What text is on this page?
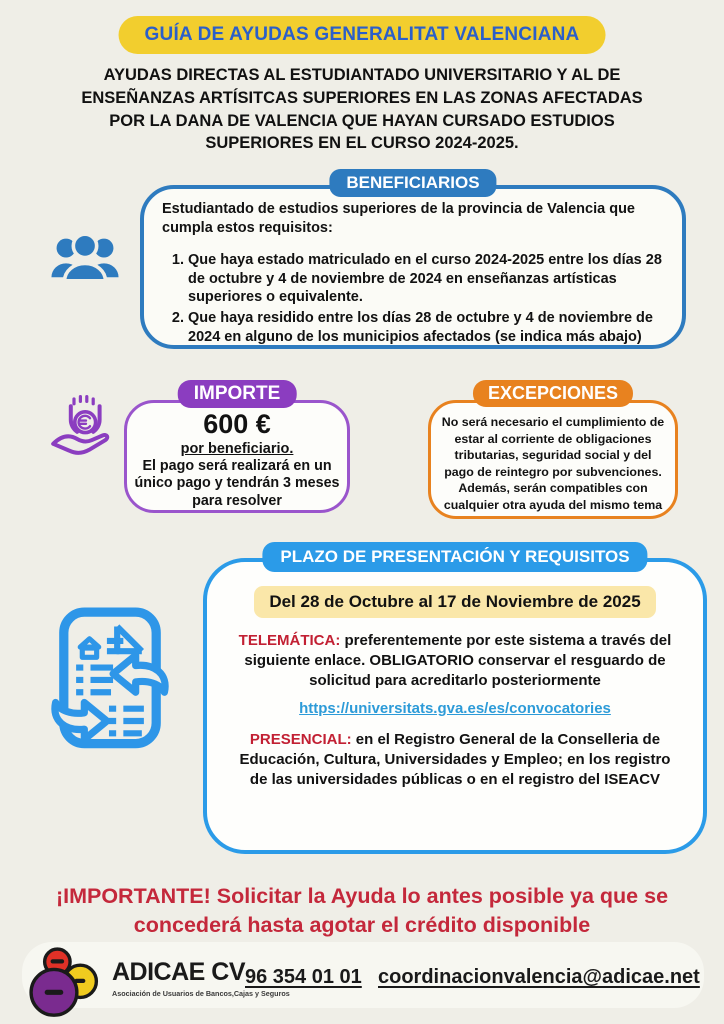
GUÍA DE AYUDAS GENERALITAT VALENCIANA
AYUDAS DIRECTAS AL ESTUDIANTADO UNIVERSITARIO Y AL DE
ENSEÑANZAS ARTÍSITCAS SUPERIORES EN LAS ZONAS AFECTADAS
POR LA DANA DE VALENCIA QUE HAYAN CURSADO ESTUDIOS
SUPERIORES EN EL CURSO 2024-2025.
BENEFICIARIOS
Estudiantado de estudios superiores de la provincia de Valencia que cumpla estos requisitos:
1. Que haya estado matriculado en el curso 2024-2025 entre los días 28 de octubre y 4 de noviembre de 2024 en enseñanzas artísticas superiores o equivalente.
2. Que haya residido entre los días 28 de octubre y 4 de noviembre de 2024 en alguno de los municipios afectados (se indica más abajo)
IMPORTE
600 €
por beneficiario.
El pago será realizará en un único pago y tendrán 3 meses para resolver
EXCEPCIONES
No será necesario el cumplimiento de estar al corriente de obligaciones tributarias, seguridad social y del pago de reintegro por subvenciones. Además, serán compatibles con cualquier otra ayuda del mismo tema
PLAZO DE PRESENTACIÓN Y REQUISITOS
Del 28 de Octubre al 17 de Noviembre de 2025
TELEMÁTICA: preferentemente por este sistema a través del siguiente enlace. OBLIGATORIO conservar el resguardo de solicitud para acreditarlo posteriormente
https://universitats.gva.es/es/convocatories
PRESENCIAL: en el Registro General de la Conselleria de Educación, Cultura, Universidades y Empleo; en los registro de las universidades públicas o en el registro del ISEACV
¡IMPORTANTE! Solicitar la Ayuda lo antes posible ya que se concederá hasta agotar el crédito disponible
ADICAE CV
Asociación de Usuarios de Bancos,Cajas y Seguros
96 354 01 01 coordinacionvalencia@adicae.net
